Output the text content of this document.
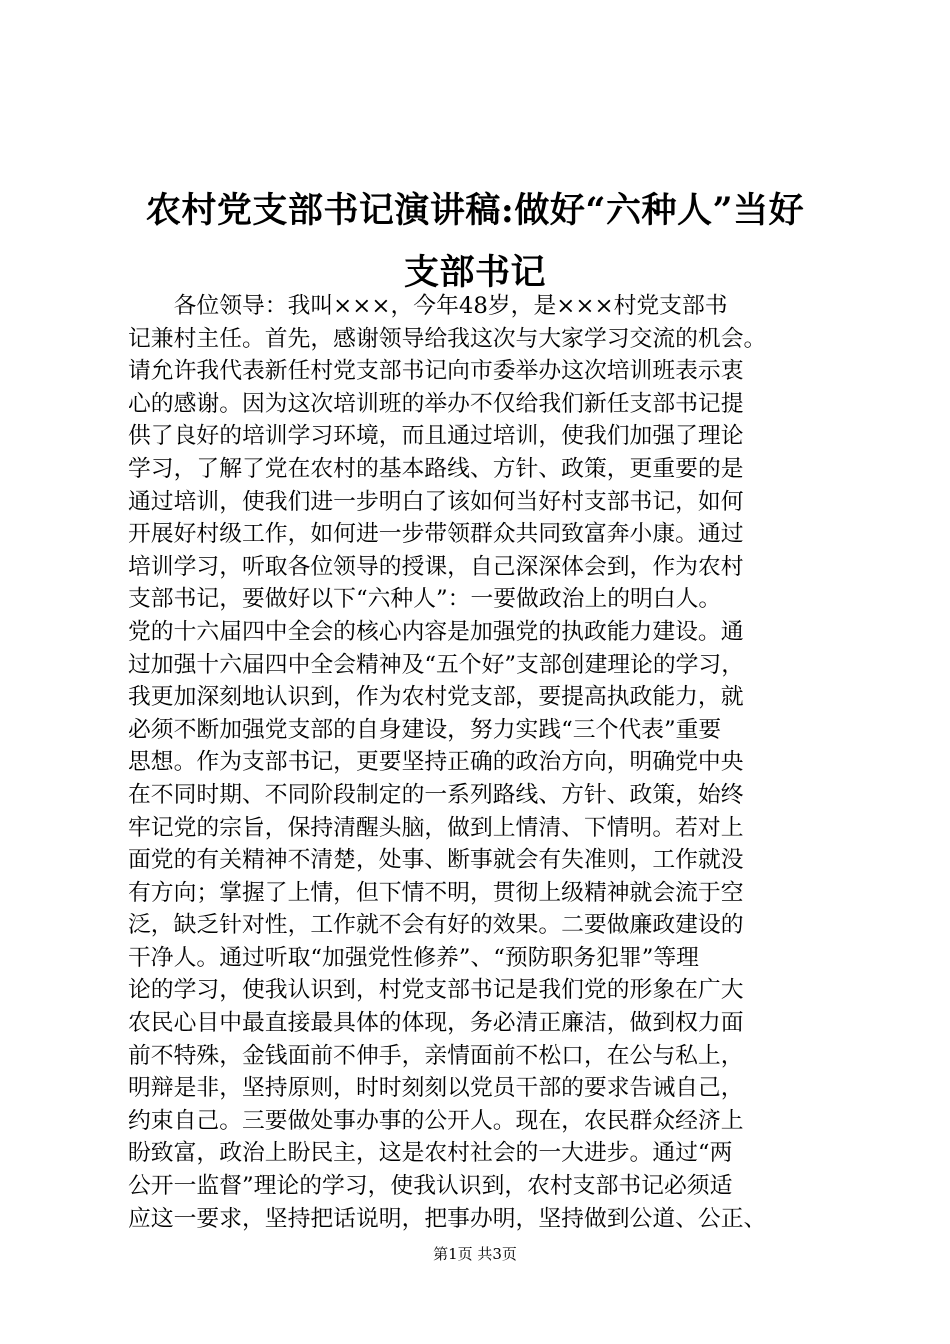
农村党支部书记演讲稿:做好“六种人”当好
支部书记
　　各位领导：我叫×××，今年48岁，是×××村党支部书
记兼村主任。首先，感谢领导给我这次与大家学习交流的机会。
请允许我代表新任村党支部书记向市委举办这次培训班表示衷
心的感谢。因为这次培训班的举办不仅给我们新任支部书记提
供了良好的培训学习环境，而且通过培训，使我们加强了理论
学习，了解了党在农村的基本路线、方针、政策，更重要的是
通过培训，使我们进一步明白了该如何当好村支部书记，如何
开展好村级工作，如何进一步带领群众共同致富奔小康。通过
培训学习，听取各位领导的授课，自己深深体会到，作为农村
支部书记，要做好以下“六种人”：一要做政治上的明白人。
党的十六届四中全会的核心内容是加强党的执政能力建设。通
过加强十六届四中全会精神及“五个好”支部创建理论的学习，
我更加深刻地认识到，作为农村党支部，要提高执政能力，就
必须不断加强党支部的自身建设，努力实践“三个代表”重要
思想。作为支部书记，更要坚持正确的政治方向，明确党中央
在不同时期、不同阶段制定的一系列路线、方针、政策，始终
牢记党的宗旨，保持清醒头脑，做到上情清、下情明。若对上
面党的有关精神不清楚，处事、断事就会有失准则，工作就没
有方向；掌握了上情，但下情不明，贯彻上级精神就会流于空
泛，缺乏针对性，工作就不会有好的效果。二要做廉政建设的
干净人。通过听取“加强党性修养”、“预防职务犯罪”等理
论的学习，使我认识到，村党支部书记是我们党的形象在广大
农民心目中最直接最具体的体现，务必清正廉洁，做到权力面
前不特殊，金钱面前不伸手，亲情面前不松口，在公与私上，
明辩是非，坚持原则，时时刻刻以党员干部的要求告诫自己，
约束自己。三要做处事办事的公开人。现在，农民群众经济上
盼致富，政治上盼民主，这是农村社会的一大进步。通过“两
公开一监督”理论的学习，使我认识到，农村支部书记必须适
应这一要求，坚持把话说明，把事办明，坚持做到公道、公正、
第1页 共3页
